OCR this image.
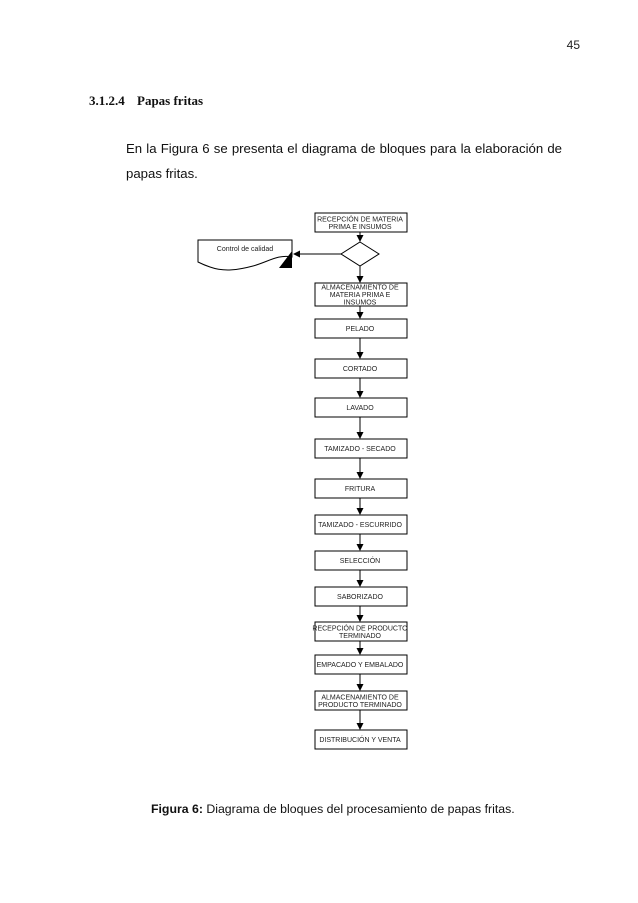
45
3.1.2.4 Papas fritas
En la Figura 6 se presenta el diagrama de bloques para la elaboración de papas fritas.
Control de calidad
RECEPCIÓN DE MATERIA
PRIMA E INSUMOS
ALMACENAMIENTO DE
MATERIA PRIMA E
INSUMOS
PELADO
CORTADO
LAVADO
TAMIZADO - SECADO
FRITURA
TAMIZADO - ESCURRIDO
SELECCIÓN
SABORIZADO
RECEPCIÓN DE PRODUCTO
TERMINADO
EMPACADO Y EMBALADO
ALMACENAMIENTO DE
PRODUCTO TERMINADO
DISTRIBUCIÓN Y VENTA
Figura 6: Diagrama de bloques del procesamiento de papas fritas.
